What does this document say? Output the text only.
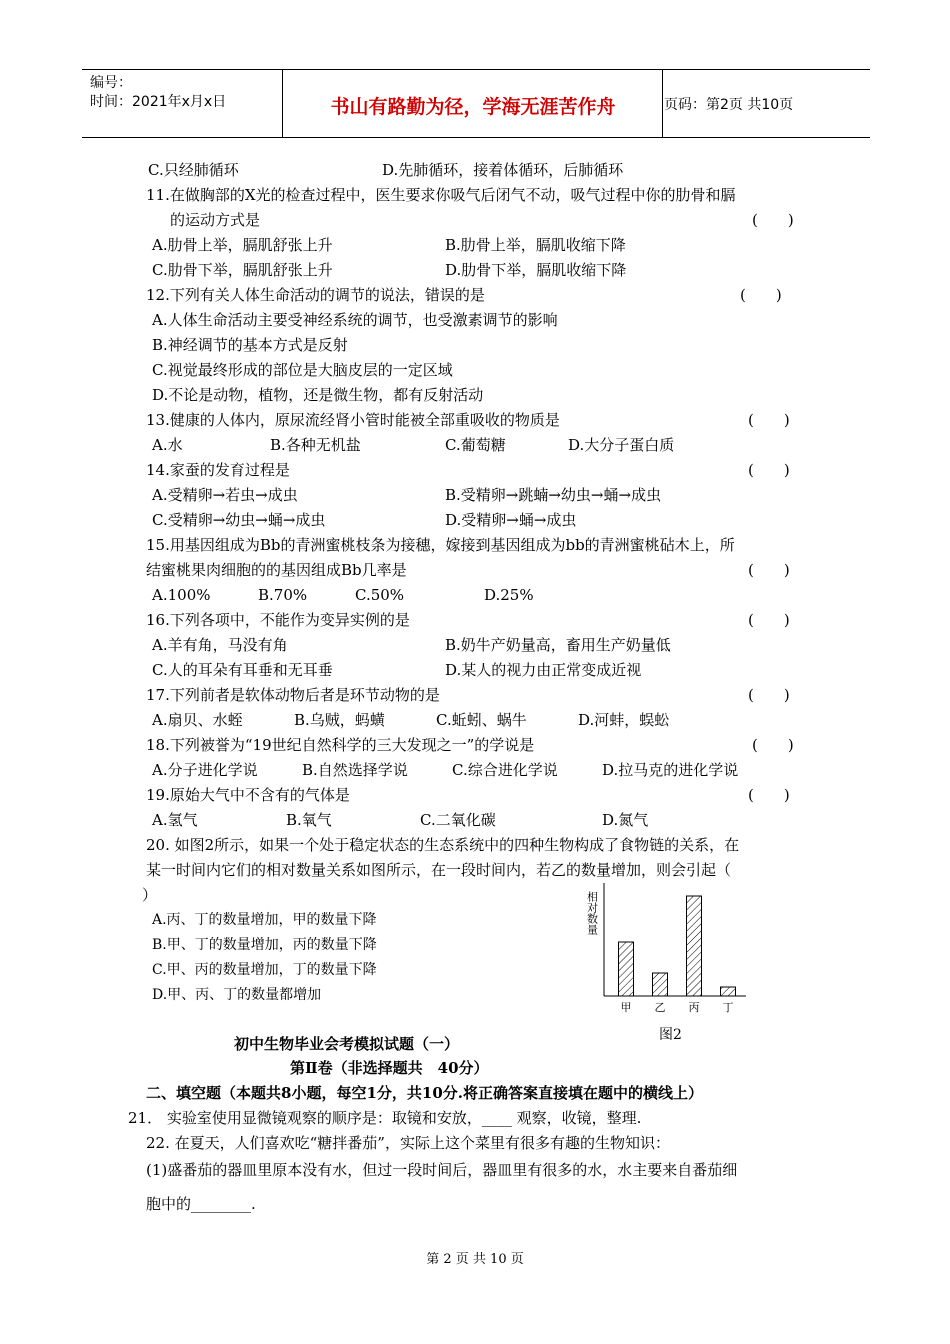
编号：
时间：2021年x月x日	书山有路勤为径，学海无涯苦作舟	页码：第2页 共10页
C.只经肺循环	D.先肺循环，接着体循环，后肺循环
11.在做胸部的X光的检查过程中，医生要求你吸气后闭气不动，吸气过程中你的肋骨和膈
的运动方式是	(　　)
A.肋骨上举，膈肌舒张上升	B.肋骨上举，膈肌收缩下降
C.肋骨下举，膈肌舒张上升	D.肋骨下举，膈肌收缩下降
12.下列有关人体生命活动的调节的说法，错误的是	(　　)
A.人体生命活动主要受神经系统的调节，也受激素调节的影响
B.神经调节的基本方式是反射
C.视觉最终形成的部位是大脑皮层的一定区域
D.不论是动物，植物，还是微生物，都有反射活动
13.健康的人体内，原尿流经肾小管时能被全部重吸收的物质是	(　　)
A.水	B.各种无机盐	C.葡萄糖	D.大分子蛋白质
14.家蚕的发育过程是	(　　)
A.受精卵→若虫→成虫	B.受精卵→跳蝻→幼虫→蛹→成虫
C.受精卵→幼虫→蛹→成虫	D.受精卵→蛹→成虫
15.用基因组成为Bb的青洲蜜桃枝条为接穗，嫁接到基因组成为bb的青洲蜜桃砧木上，所
结蜜桃果肉细胞的的基因组成Bb几率是	(　　)
A.100%	B.70%	C.50%	D.25%
16.下列各项中，不能作为变异实例的是	(　　)
A.羊有角，马没有角	B.奶牛产奶量高，畜用生产奶量低
C.人的耳朵有耳垂和无耳垂	D.某人的视力由正常变成近视
17.下列前者是软体动物后者是环节动物的是	(　　)
A.扇贝、水蛭	B.乌贼，蚂蟥	C.蚯蚓、蜗牛	D.河蚌，蜈蚣
18.下列被誉为“19世纪自然科学的三大发现之一”的学说是	(　　)
A.分子进化学说	B.自然选择学说	C.综合进化学说	D.拉马克的进化学说
19.原始大气中不含有的气体是	(　　)
A.氢气	B.氧气	C.二氧化碳	D.氮气
20. 如图2所示，如果一个处于稳定状态的生态系统中的四种生物构成了食物链的关系，在
某一时间内它们的相对数量关系如图所示，在一段时间内，若乙的数量增加，则会引起（
）
A.丙、丁的数量增加，甲的数量下降
B.甲、丁的数量增加，丙的数量下降
C.甲、丙的数量增加，丁的数量下降
D.甲、丙、丁的数量都增加
初中生物毕业会考模拟试题（一）
第Ⅱ卷（非选择题共　40分）
二、填空题（本题共8小题，每空1分，共10分.将正确答案直接填在题中的横线上）
21． 实验室使用显微镜观察的顺序是：取镜和安放，____ 观察，收镜，整理.
22. 在夏天，人们喜欢吃“糖拌番茄”，实际上这个菜里有很多有趣的生物知识：
(1)盛番茄的器皿里原本没有水，但过一段时间后，器皿里有很多的水，水主要来自番茄细
胞中的________.
相对数量
甲 乙 丙 丁
图2
第 2 页 共 10 页
